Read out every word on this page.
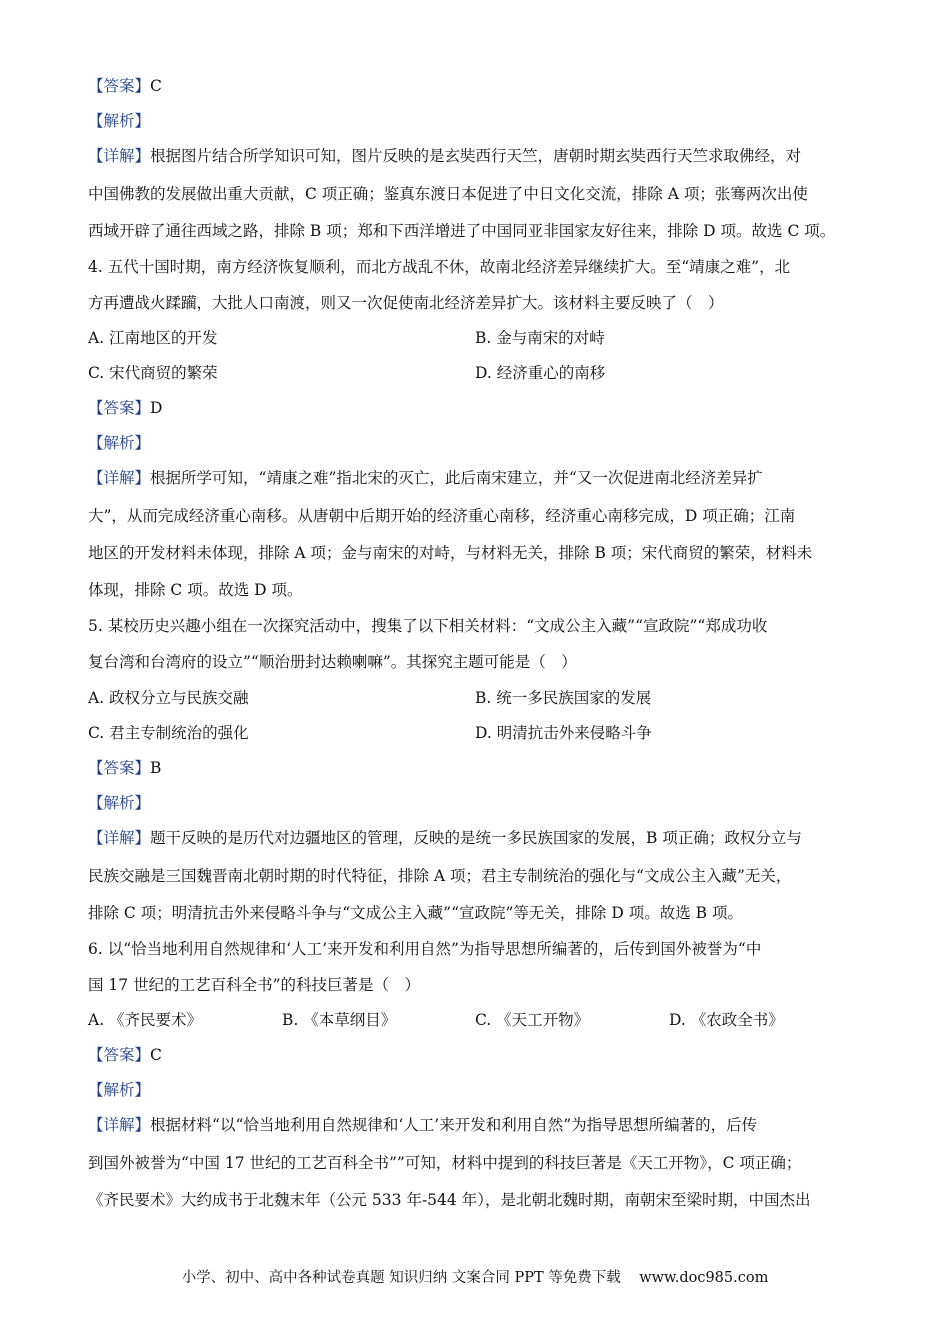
【答案】C
【解析】
【详解】根据图片结合所学知识可知，图片反映的是玄奘西行天竺，唐朝时期玄奘西行天竺求取佛经，对
中国佛教的发展做出重大贡献，C 项正确；鉴真东渡日本促进了中日文化交流，排除 A 项；张骞两次出使
西域开辟了通往西域之路，排除 B 项；郑和下西洋增进了中国同亚非国家友好往来，排除 D 项。故选 C 项。
4. 五代十国时期，南方经济恢复顺利，而北方战乱不休，故南北经济差异继续扩大。至“靖康之难”，北
方再遭战火蹂躏，大批人口南渡，则又一次促使南北经济差异扩大。该材料主要反映了（　）
A. 江南地区的开发	B. 金与南宋的对峙
C. 宋代商贸的繁荣	D. 经济重心的南移
【答案】D
【解析】
【详解】根据所学可知，“靖康之难”指北宋的灭亡，此后南宋建立，并“又一次促进南北经济差异扩
大”，从而完成经济重心南移。从唐朝中后期开始的经济重心南移，经济重心南移完成，D 项正确；江南
地区的开发材料未体现，排除 A 项；金与南宋的对峙，与材料无关，排除 B 项；宋代商贸的繁荣，材料未
体现，排除 C 项。故选 D 项。
5. 某校历史兴趣小组在一次探究活动中，搜集了以下相关材料：“文成公主入藏”“宣政院”“郑成功收
复台湾和台湾府的设立”“顺治册封达赖喇嘛”。其探究主题可能是（　）
A. 政权分立与民族交融	B. 统一多民族国家的发展
C. 君主专制统治的强化	D. 明清抗击外来侵略斗争
【答案】B
【解析】
【详解】题干反映的是历代对边疆地区的管理，反映的是统一多民族国家的发展，B 项正确；政权分立与
民族交融是三国魏晋南北朝时期的时代特征，排除 A 项；君主专制统治的强化与“文成公主入藏”无关，
排除 C 项；明清抗击外来侵略斗争与“文成公主入藏”“宣政院”等无关，排除 D 项。故选 B 项。
6. 以“恰当地利用自然规律和‘人工’来开发和利用自然”为指导思想所编著的，后传到国外被誉为“中
国 17 世纪的工艺百科全书”的科技巨著是（　）
A. 《齐民要术》	B. 《本草纲目》	C. 《天工开物》	D. 《农政全书》
【答案】C
【解析】
【详解】根据材料“以“恰当地利用自然规律和‘人工’来开发和利用自然”为指导思想所编著的，后传
到国外被誉为“中国 17 世纪的工艺百科全书””可知，材料中提到的科技巨著是《天工开物》，C 项正确；
《齐民要术》大约成书于北魏末年（公元 533 年-544 年），是北朝北魏时期，南朝宋至梁时期，中国杰出
小学、初中、高中各种试卷真题 知识归纳 文案合同 PPT 等免费下载 www.doc985.com
